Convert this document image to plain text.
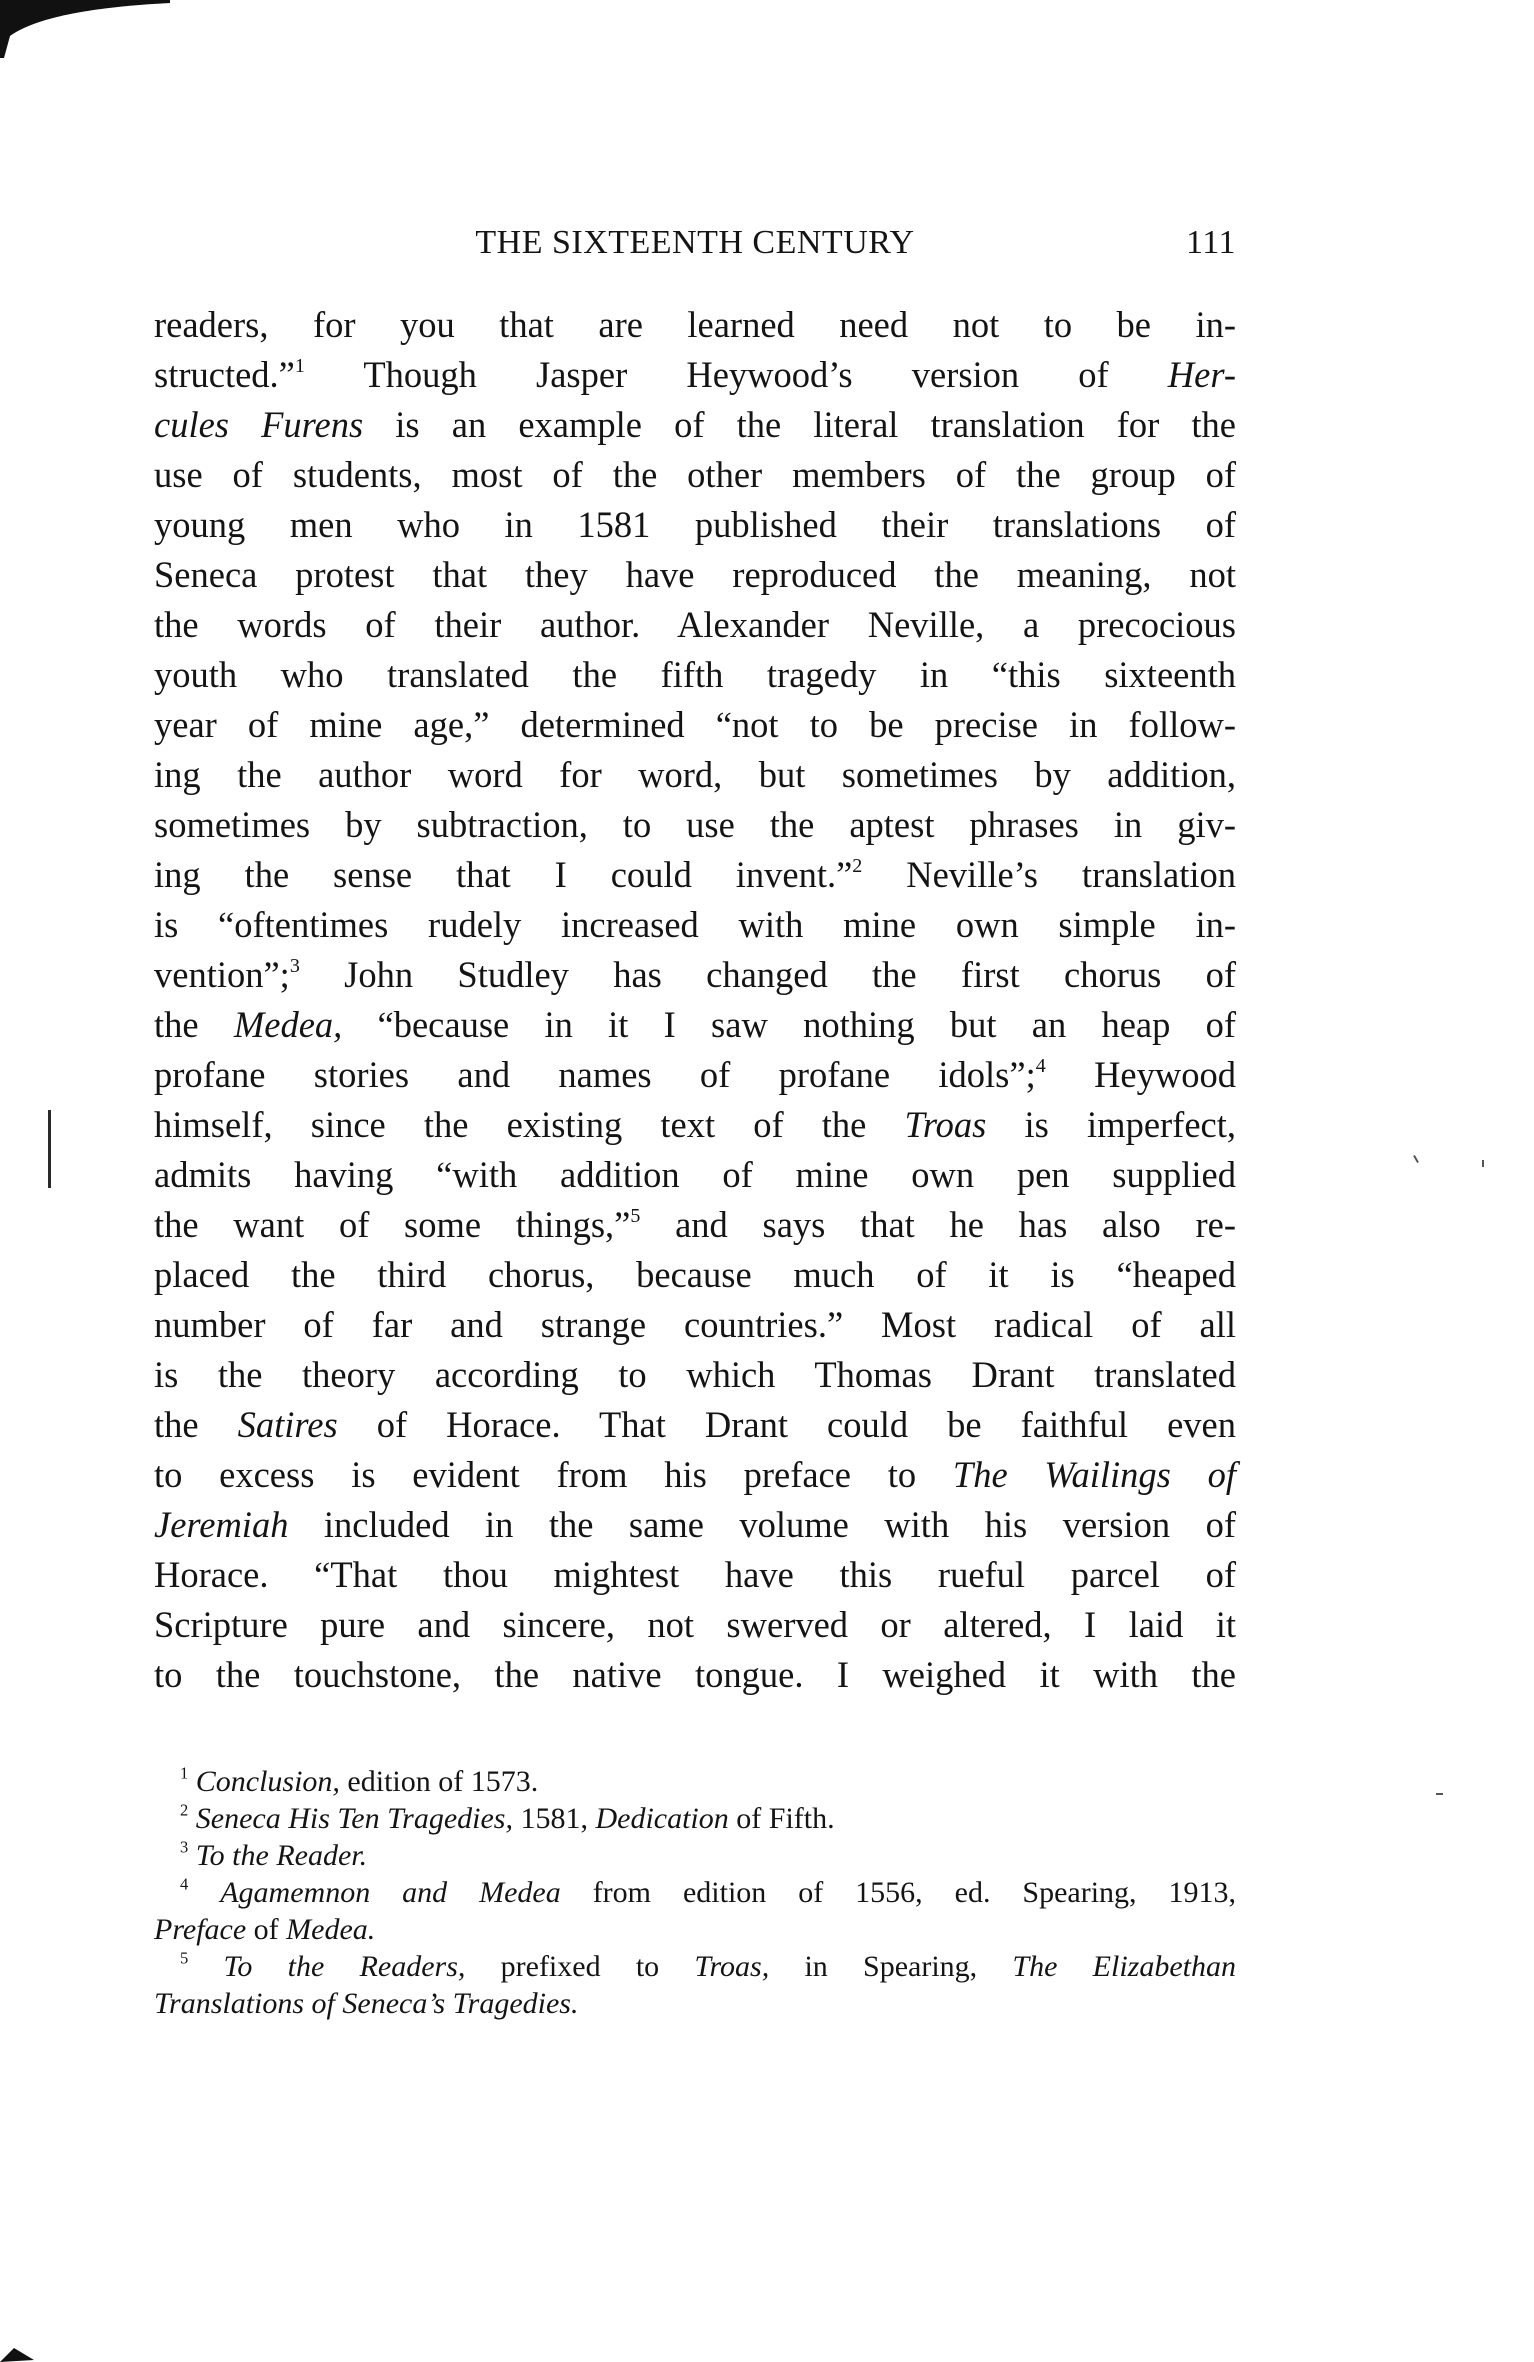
THE SIXTEENTH CENTURY	111
readers, for you that are learned need not to be in-
structed.”$^1$ Though Jasper Heywood’s version of Her-
cules Furens is an example of the literal translation for the
use of students, most of the other members of the group of
young men who in 1581 published their translations of
Seneca protest that they have reproduced the meaning, not
the words of their author. Alexander Neville, a precocious
youth who translated the fifth tragedy in “this sixteenth
year of mine age,” determined “not to be precise in follow-
ing the author word for word, but sometimes by addition,
sometimes by subtraction, to use the aptest phrases in giv-
ing the sense that I could invent.”$^2$ Neville’s translation
is “oftentimes rudely increased with mine own simple in-
vention”;$^3$ John Studley has changed the first chorus of
the Medea, “because in it I saw nothing but an heap of
profane stories and names of profane idols”;$^4$ Heywood
himself, since the existing text of the Troas is imperfect,
admits having “with addition of mine own pen supplied
the want of some things,”$^5$ and says that he has also re-
placed the third chorus, because much of it is “heaped
number of far and strange countries.” Most radical of all
is the theory according to which Thomas Drant translated
the Satires of Horace. That Drant could be faithful even
to excess is evident from his preface to The Wailings of
Jeremiah included in the same volume with his version of
Horace. “That thou mightest have this rueful parcel of
Scripture pure and sincere, not swerved or altered, I laid it
to the touchstone, the native tongue. I weighed it with the
$^1$ Conclusion, edition of 1573.
$^2$ Seneca His Ten Tragedies, 1581, Dedication of Fifth.
$^3$ To the Reader.
$^4$ Agamemnon and Medea from edition of 1556, ed. Spearing, 1913,
Preface of Medea.
$^5$ To the Readers, prefixed to Troas, in Spearing, The Elizabethan
Translations of Seneca’s Tragedies.
